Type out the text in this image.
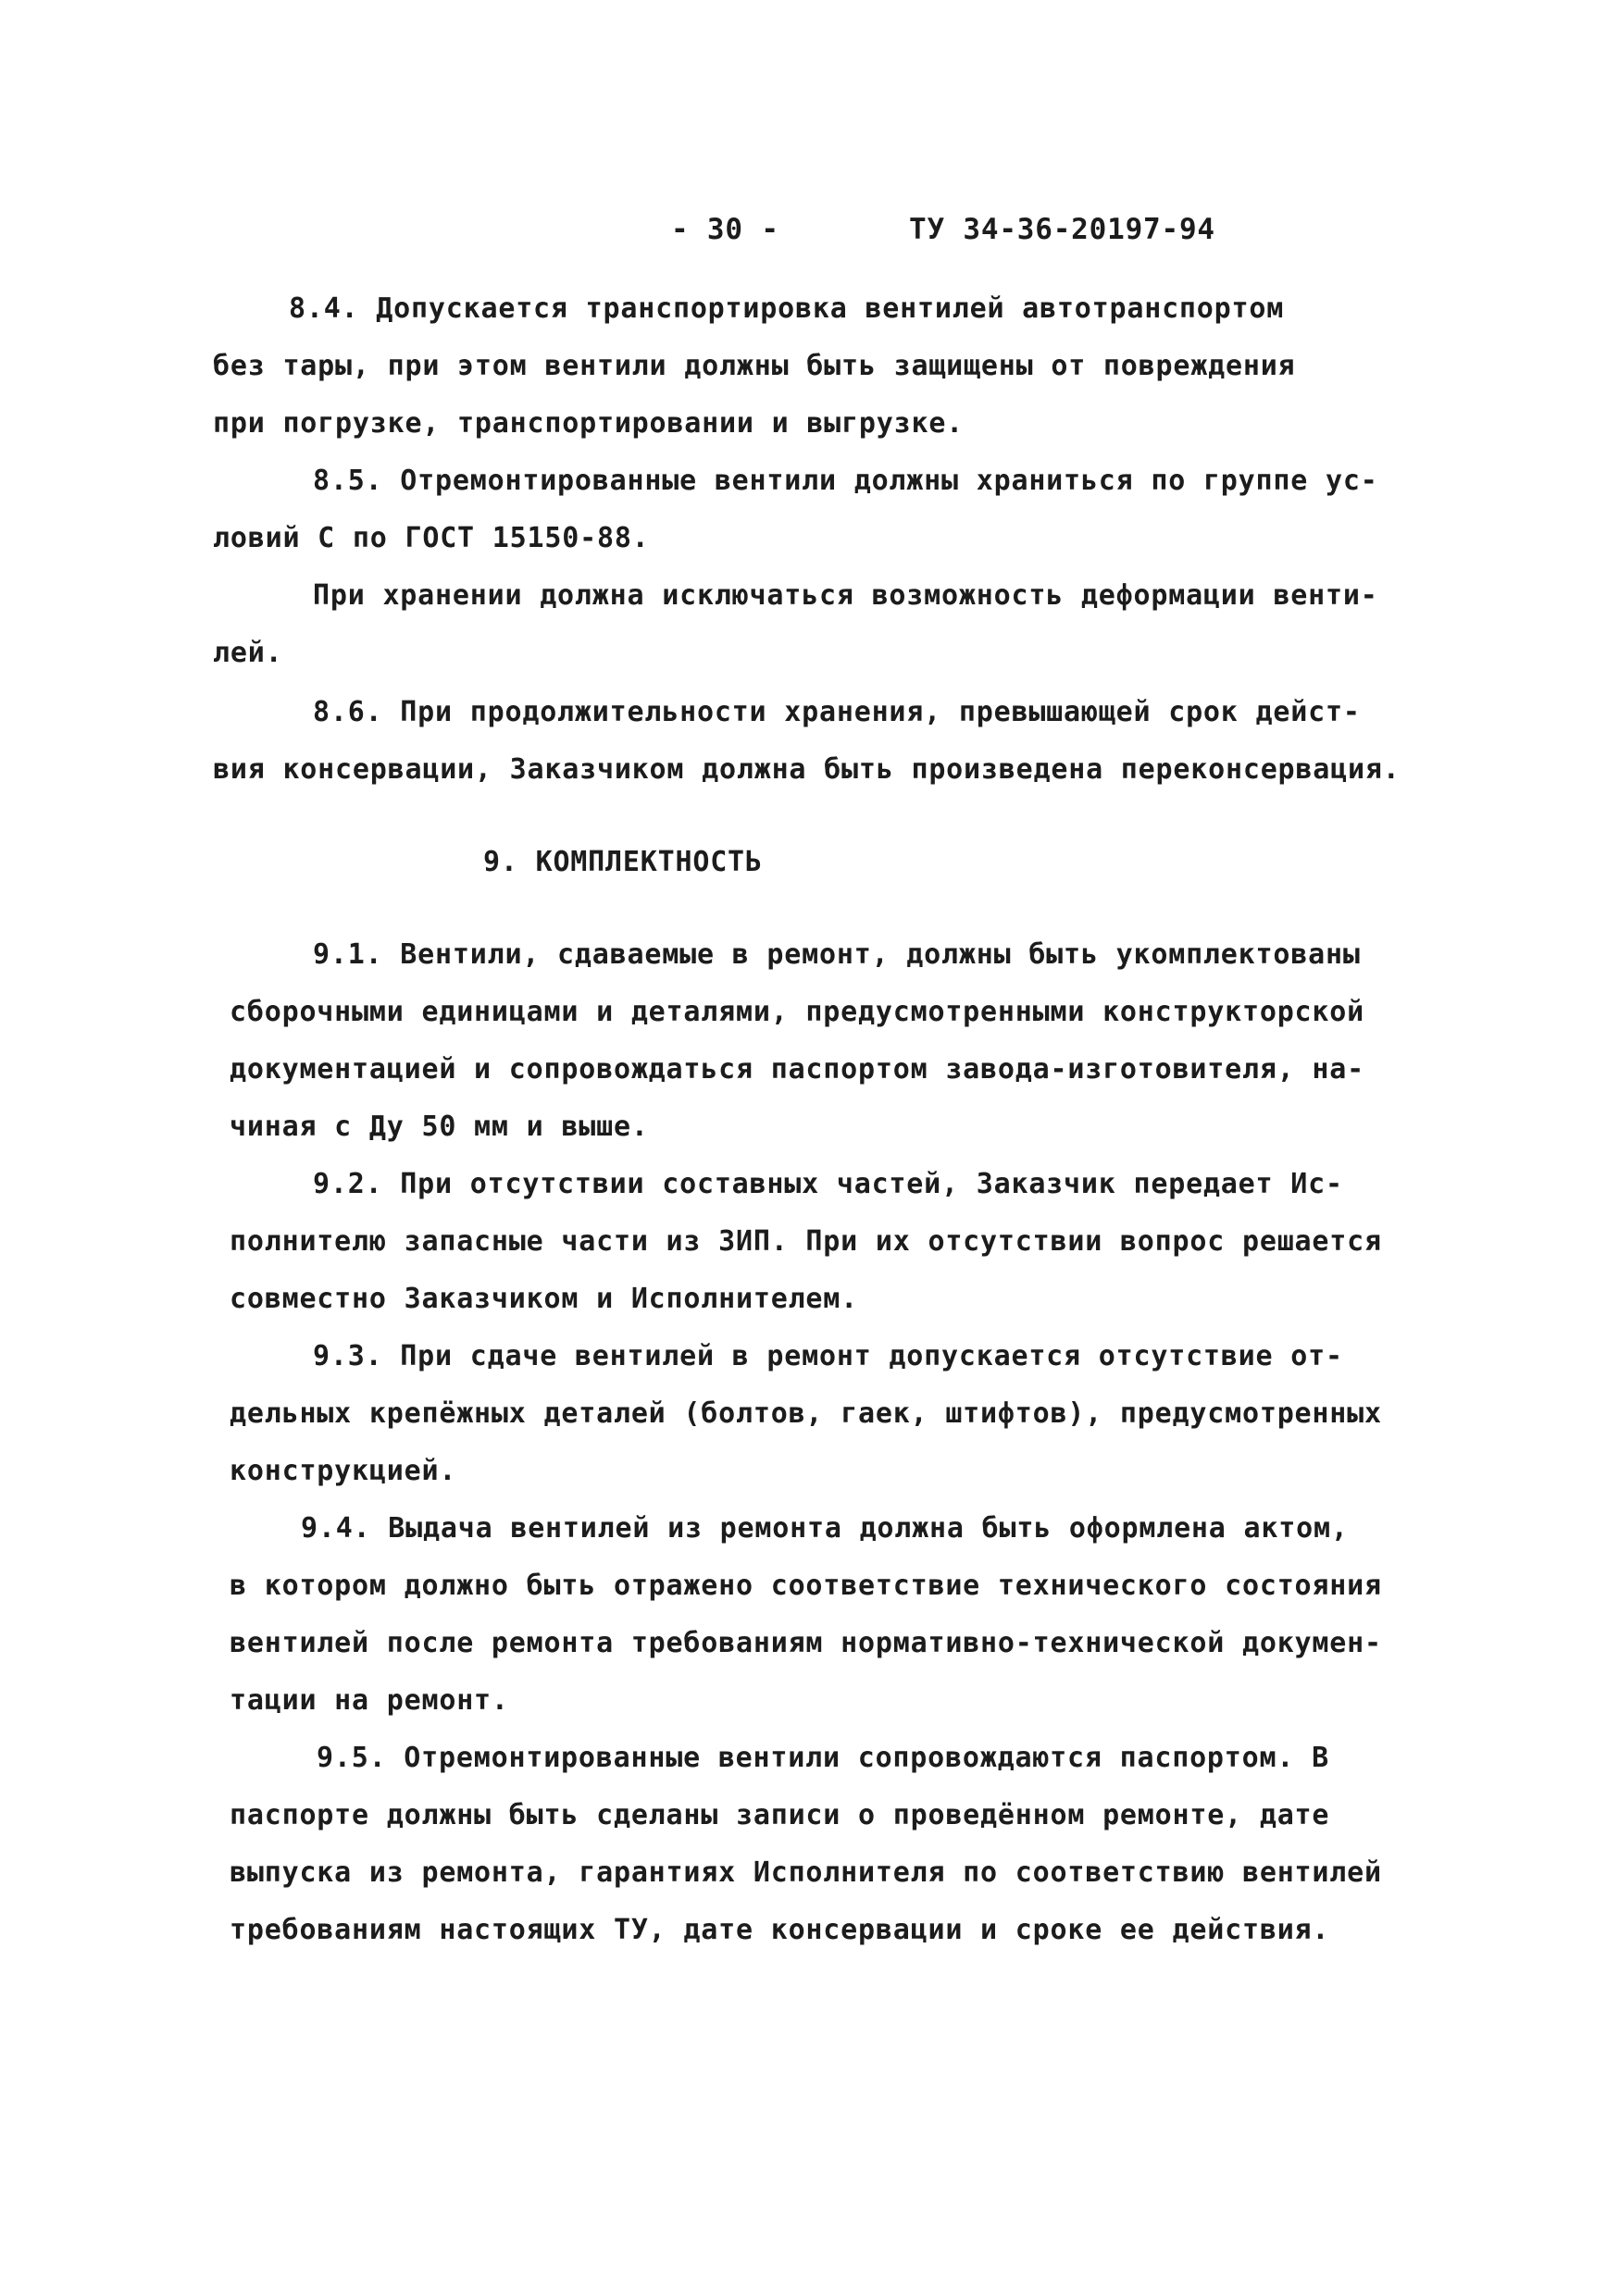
- 30 -	ТУ 34-36-20197-94
8.4. Допускается транспортировка вентилей автотранспортом
без тары, при этом вентили должны быть защищены от повреждения
при погрузке, транспортировании и выгрузке.
8.5. Отремонтированные вентили должны храниться по группе ус-
ловий С по ГОСТ 15150-88.
При хранении должна исключаться возможность деформации венти-
лей.
8.6. При продолжительности хранения, превышающей срок дейст-
вия консервации, Заказчиком должна быть произведена переконсервация.
9. КОМПЛЕКТНОСТЬ
9.1. Вентили, сдаваемые в ремонт, должны быть укомплектованы
сборочными единицами и деталями, предусмотренными конструкторской
документацией и сопровождаться паспортом завода-изготовителя, на-
чиная с Ду 50 мм и выше.
9.2. При отсутствии составных частей, Заказчик передает Ис-
полнителю запасные части из ЗИП. При их отсутствии вопрос решается
совместно Заказчиком и Исполнителем.
9.3. При сдаче вентилей в ремонт допускается отсутствие от-
дельных крепёжных деталей (болтов, гаек, штифтов), предусмотренных
конструкцией.
9.4. Выдача вентилей из ремонта должна быть оформлена актом,
в котором должно быть отражено соответствие технического состояния
вентилей после ремонта требованиям нормативно-технической докумен-
тации на ремонт.
9.5. Отремонтированные вентили сопровождаются паспортом. В
паспорте должны быть сделаны записи о проведённом ремонте, дате
выпуска из ремонта, гарантиях Исполнителя по соответствию вентилей
требованиям настоящих ТУ, дате консервации и сроке ее действия.
